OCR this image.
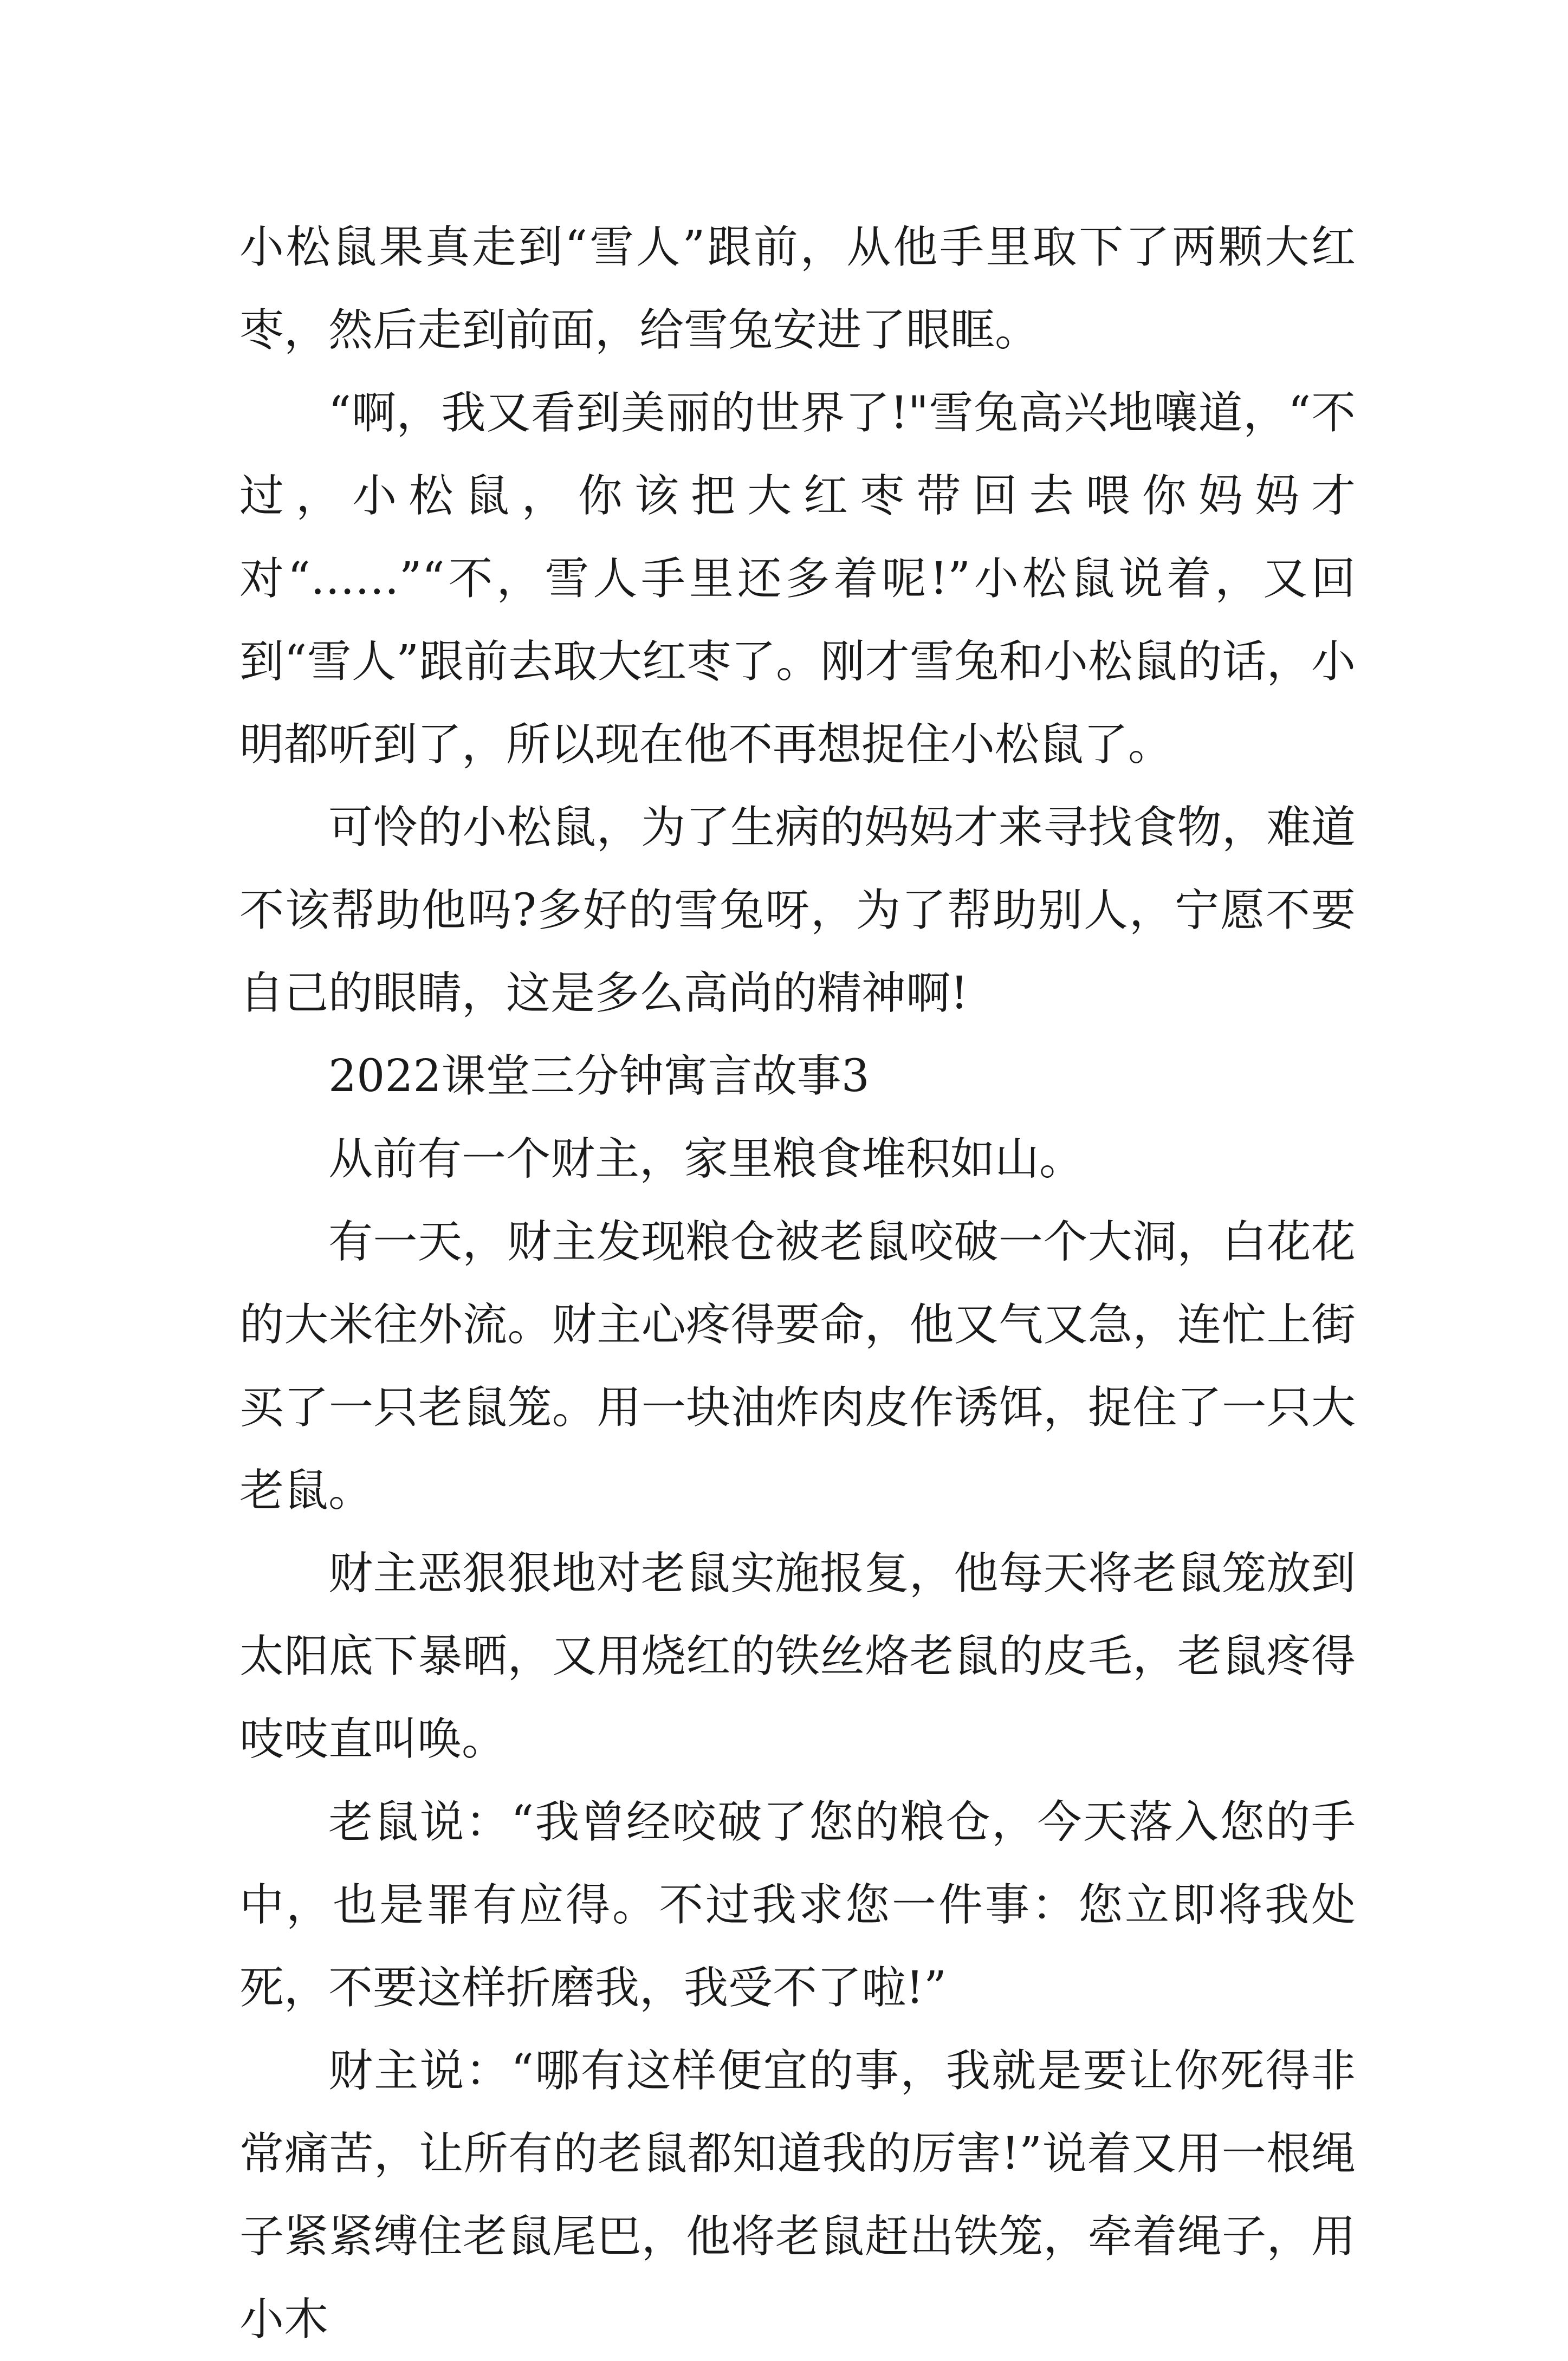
小松鼠果真走到“雪人”跟前，从他手里取下了两颗大红枣，然后走到前面，给雪兔安进了眼眶。

“啊，我又看到美丽的世界了!"雪兔高兴地嚷道，“不过，小松鼠，你该把大红枣带回去喂你妈妈才对“……”“不，雪人手里还多着呢!”小松鼠说着，又回到“雪人”跟前去取大红枣了。刚才雪兔和小松鼠的话，小明都听到了，所以现在他不再想捉住小松鼠了。

可怜的小松鼠，为了生病的妈妈才来寻找食物，难道不该帮助他吗?多好的雪兔呀，为了帮助别人，宁愿不要自己的眼睛，这是多么高尚的精神啊!

2022课堂三分钟寓言故事3

从前有一个财主，家里粮食堆积如山。

有一天，财主发现粮仓被老鼠咬破一个大洞，白花花的大米往外流。财主心疼得要命，他又气又急，连忙上街买了一只老鼠笼。用一块油炸肉皮作诱饵，捉住了一只大老鼠。

财主恶狠狠地对老鼠实施报复，他每天将老鼠笼放到太阳底下暴晒，又用烧红的铁丝烙老鼠的皮毛，老鼠疼得吱吱直叫唤。

老鼠说：“我曾经咬破了您的粮仓，今天落入您的手中，也是罪有应得。不过我求您一件事：您立即将我处死，不要这样折磨我，我受不了啦!”

财主说：“哪有这样便宜的事，我就是要让你死得非常痛苦，让所有的老鼠都知道我的厉害!”说着又用一根绳子紧紧缚住老鼠尾巴，他将老鼠赶出铁笼，牵着绳子，用小木
